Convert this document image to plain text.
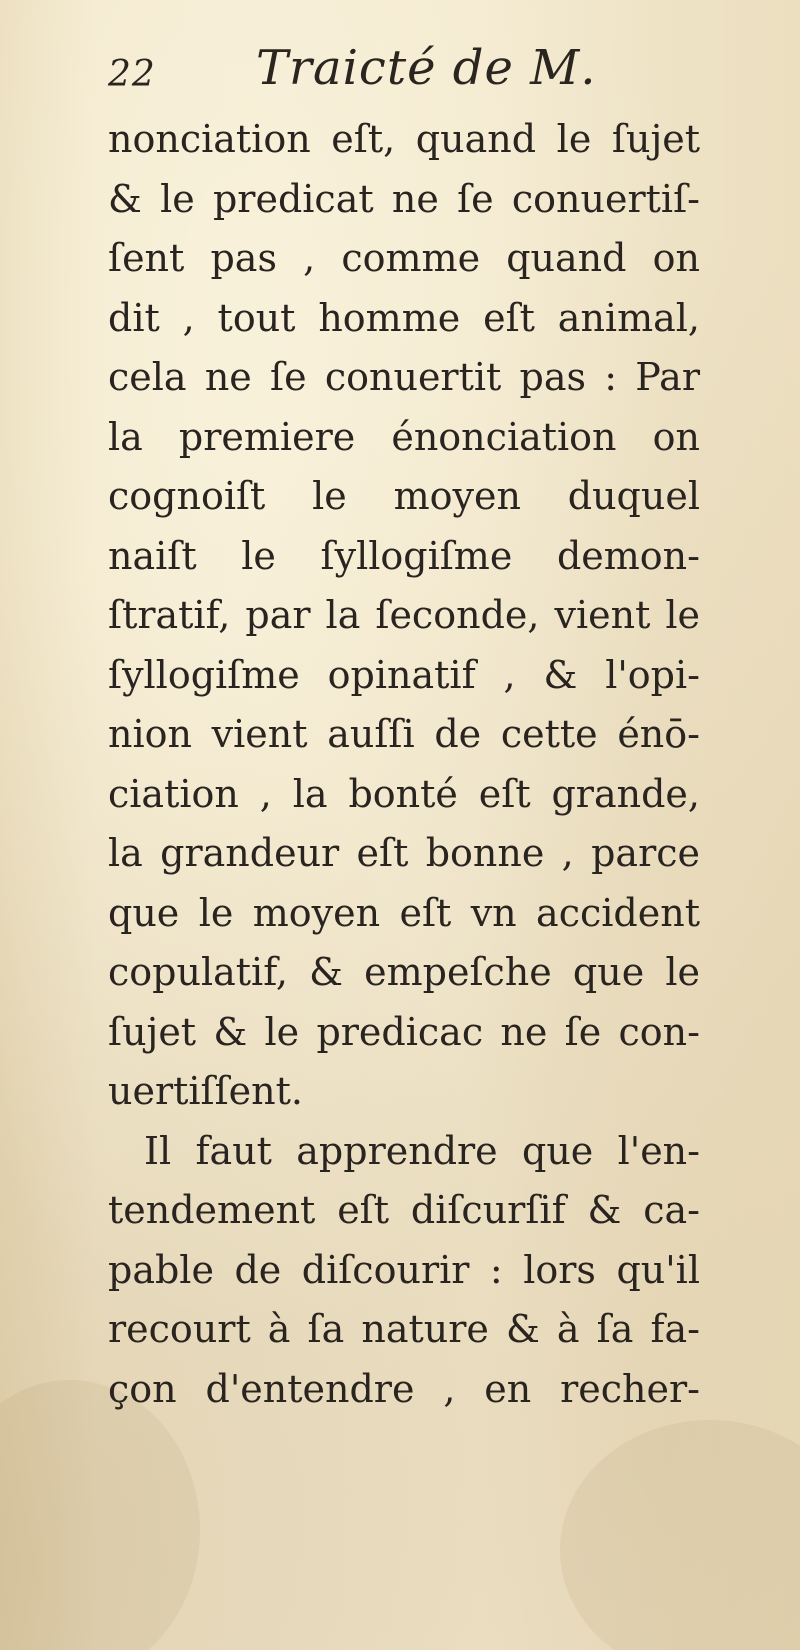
22 Traicté de M.
nonciation eſt, quand le ſujet
& le predicat ne ſe conuertiſ-
ſent pas , comme quand on
dit , tout homme eſt animal,
cela ne ſe conuertit pas : Par
la premiere énonciation on
cognoiſt le moyen duquel
naiſt le ſyllogiſme demon-
ſtratif, par la ſeconde, vient le
ſyllogiſme opinatif , & l'opi-
nion vient auſſi de cette énō-
ciation , la bonté eſt grande,
la grandeur eſt bonne , parce
que le moyen eſt vn accident
copulatif, & empeſche que le
ſujet & le predicac ne ſe con-
uertiſſent.
Il faut apprendre que l'en-
tendement eſt diſcurſif & ca-
pable de diſcourir : lors qu'il
recourt à ſa nature & à ſa fa-
çon d'entendre , en recher-
